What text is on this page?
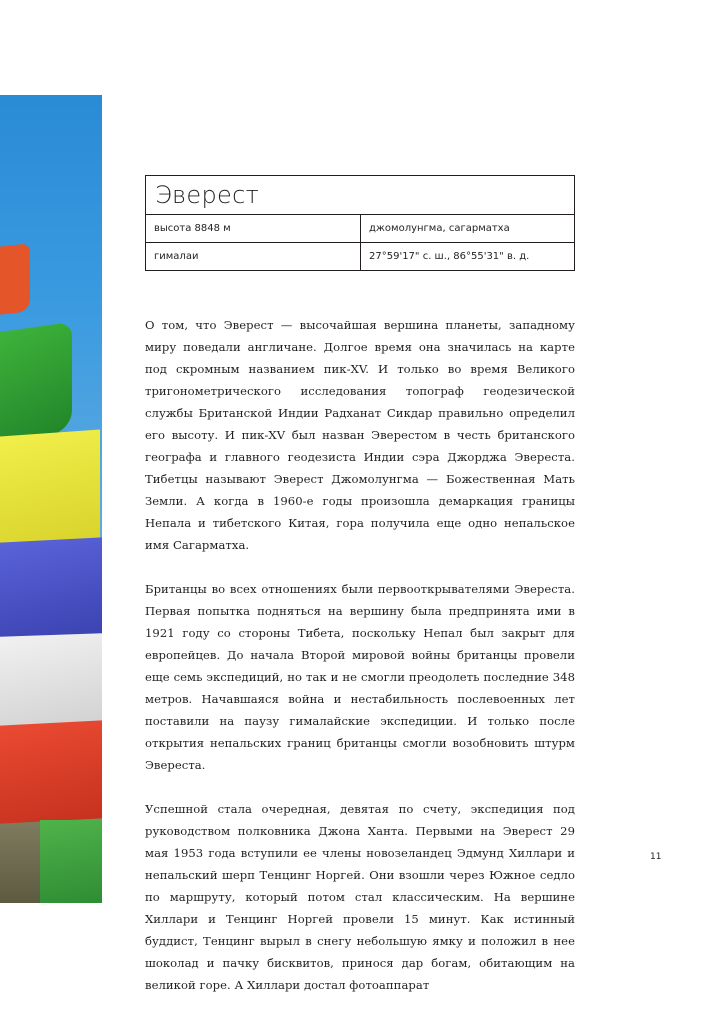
Эверест
высота 8848 м	джомолунгма, сагарматха
гималаи	27°59'17" с. ш., 86°55'31" в. д.

О том, что Эверест — высочайшая вершина планеты, западному миру поведали англичане. Долгое время она значилась на карте под скромным названием пик-XV. И только во время Великого тригонометрического исследования топограф геодезической службы Британской Индии Радханат Сикдар правильно определил его высоту. И пик-XV был назван Эверестом в честь британского географа и главного геодезиста Индии сэра Джорджа Эвереста. Тибетцы называют Эверест Джомолунгма — Божественная Мать Земли. А когда в 1960-е годы произошла демаркация границы Непала и тибетского Китая, гора получила еще одно непальское имя Сагарматха.

Британцы во всех отношениях были первооткрывателями Эвереста. Первая попытка подняться на вершину была предпринята ими в 1921 году со стороны Тибета, поскольку Непал был закрыт для европейцев. До начала Второй мировой войны британцы провели еще семь экспедиций, но так и не смогли преодолеть последние 348 метров. Начавшаяся война и нестабильность послевоенных лет поставили на паузу гималайские экспедиции. И только после открытия непальских границ британцы смогли возобновить штурм Эвереста.

Успешной стала очередная, девятая по счету, экспедиция под руководством полковника Джона Ханта. Первыми на Эверест 29 мая 1953 года вступили ее члены новозеландец Эдмунд Хиллари и непальский шерп Тенцинг Норгей. Они взошли через Южное седло по маршруту, который потом стал классическим. На вершине Хиллари и Тенцинг Норгей провели 15 минут. Как истинный буддист, Тенцинг вырыл в снегу небольшую ямку и положил в нее шоколад и пачку бисквитов, принося дар богам, обитающим на великой горе. А Хиллари достал фотоаппарат

11
